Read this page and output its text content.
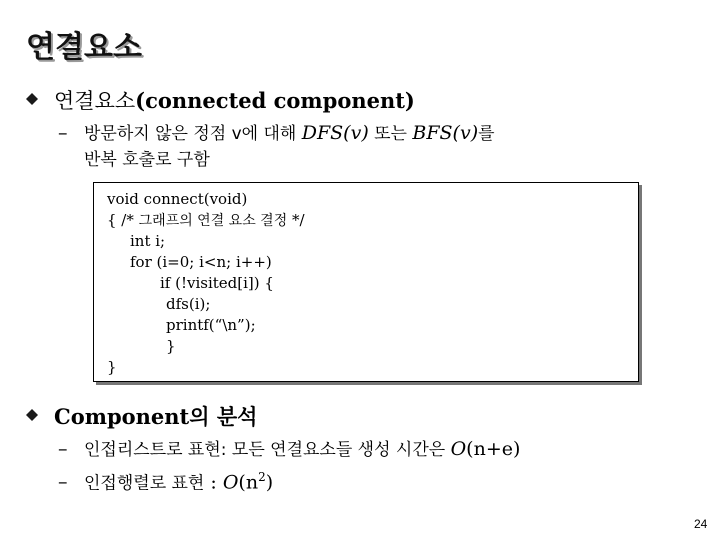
연결요소
연결요소(connected component)
– 방문하지 않은 정점 v에 대해 DFS(v) 또는 BFS(v)를
반복 호출로 구함
void connect(void)
{ /* 그래프의 연결 요소 결정 */
int i;
for (i=0; i<n; i++)
if (!visited[i]) {
dfs(i);
printf(“\n”);
}
}
Component의 분석
– 인접리스트로 표현: 모든 연결요소들 생성 시간은 O(n+e)
– 인접행렬로 표현 : $O(n^2)$
24
